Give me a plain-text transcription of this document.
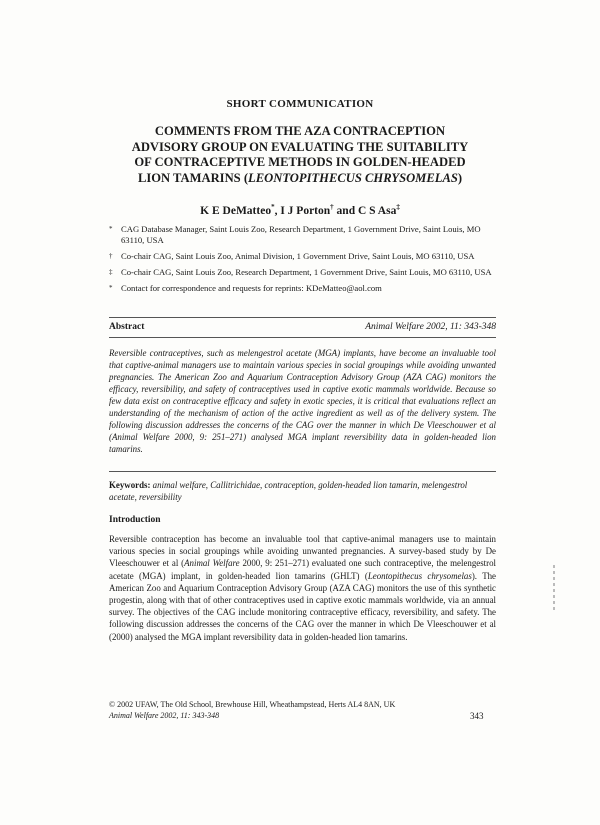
SHORT COMMUNICATION
COMMENTS FROM THE AZA CONTRACEPTION
ADVISORY GROUP ON EVALUATING THE SUITABILITY
OF CONTRACEPTIVE METHODS IN GOLDEN-HEADED
LION TAMARINS (LEONTOPITHECUS CHRYSOMELAS)
K E DeMatteo*, I J Porton† and C S Asa‡
* CAG Database Manager, Saint Louis Zoo, Research Department, 1 Government Drive, Saint Louis, MO 63110, USA
† Co-chair CAG, Saint Louis Zoo, Animal Division, 1 Government Drive, Saint Louis, MO 63110, USA
‡ Co-chair CAG, Saint Louis Zoo, Research Department, 1 Government Drive, Saint Louis, MO 63110, USA
* Contact for correspondence and requests for reprints: KDeMatteo@aol.com
Abstract	Animal Welfare 2002, 11: 343-348
Reversible contraceptives, such as melengestrol acetate (MGA) implants, have become an invaluable tool that captive-animal managers use to maintain various species in social groupings while avoiding unwanted pregnancies. The American Zoo and Aquarium Contraception Advisory Group (AZA CAG) monitors the efficacy, reversibility, and safety of contraceptives used in captive exotic mammals worldwide. Because so few data exist on contraceptive efficacy and safety in exotic species, it is critical that evaluations reflect an understanding of the mechanism of action of the active ingredient as well as of the delivery system. The following discussion addresses the concerns of the CAG over the manner in which De Vleeschouwer et al (Animal Welfare 2000, 9: 251–271) analysed MGA implant reversibility data in golden-headed lion tamarins.
Keywords: animal welfare, Callitrichidae, contraception, golden-headed lion tamarin, melengestrol acetate, reversibility
Introduction
Reversible contraception has become an invaluable tool that captive-animal managers use to maintain various species in social groupings while avoiding unwanted pregnancies. A survey-based study by De Vleeschouwer et al (Animal Welfare 2000, 9: 251–271) evaluated one such contraceptive, the melengestrol acetate (MGA) implant, in golden-headed lion tamarins (GHLT) (Leontopithecus chrysomelas). The American Zoo and Aquarium Contraception Advisory Group (AZA CAG) monitors the use of this synthetic progestin, along with that of other contraceptives used in captive exotic mammals worldwide, via an annual survey. The objectives of the CAG include monitoring contraceptive efficacy, reversibility, and safety. The following discussion addresses the concerns of the CAG over the manner in which De Vleeschouwer et al (2000) analysed the MGA implant reversibility data in golden-headed lion tamarins.
© 2002 UFAW, The Old School, Brewhouse Hill, Wheathampstead, Herts AL4 8AN, UK
Animal Welfare 2002, 11: 343-348	343
